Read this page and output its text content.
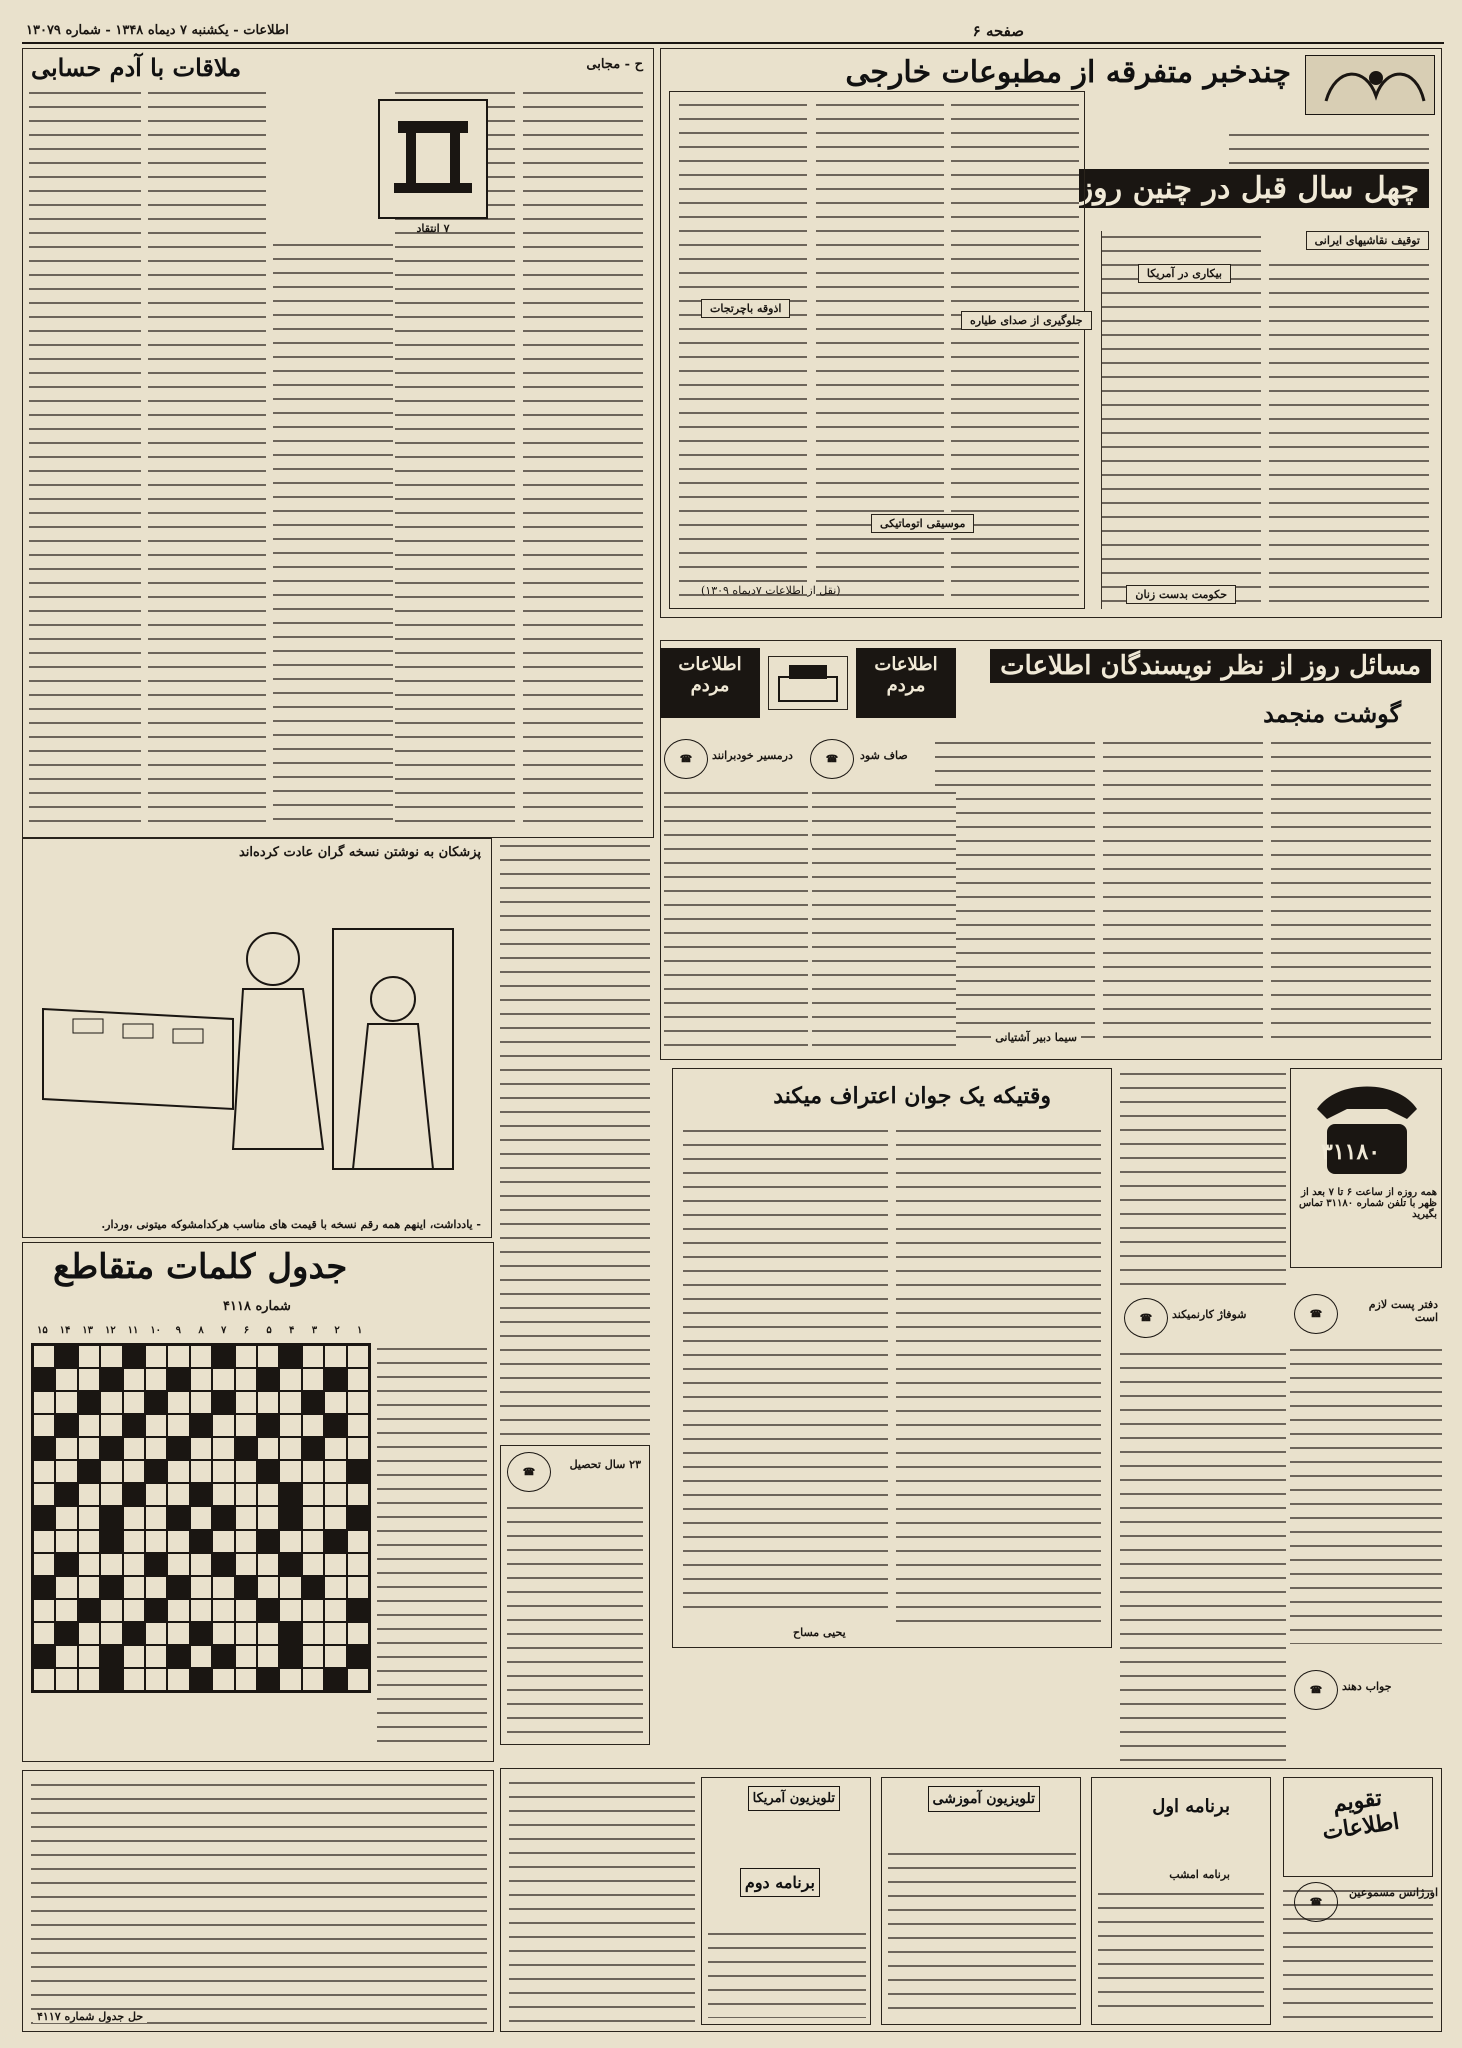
صفحه ۶
اطلاعات - یکشنبه ۷ دیماه ۱۳۴۸ - شماره ۱۳۰۷۹
چندخبر متفرقه از مطبوعات خارجی
چهل سال قبل در چنین روز
توقیف نقاشیهای ایرانی
بیکاری در آمریکا
حکومت بدست زنان
جلوگیری از صدای طیاره
اذوقه باچرتجات
موسیقی اتوماتیکی
(نقل از اطلاعات ۷دیماه ۱۳۰۹)
ملاقات با آدم حسابی	ح - مجابی
۷ انتقاد
پزشکان به نوشتن نسخه گران عادت کرده‌اند
- یادداشت، اینهم همه رقم نسخه با قیمت های مناسب هرکدامشوکه میتونی ،وردار.
جدول کلمات متقاطع
شماره ۴۱۱۸
۱۵	۱۴	۱۳	۱۲	۱۱	۱۰	۹	۸	۷	۶	۵	۴	۳	۲	۱
حل جدول شماره ۴۱۱۷
☎
۲۳ سال تحصیل
مسائل روز از نظر نویسندگان اطلاعات
گوشت منجمد
سیما دبیر آشتیانی
اطلاعات
مردم
اطلاعات
مردم
☎	درمسیر خودبرانند	☎	صاف شود
۳۱۱۸۰
همه روزه از ساعت ۶ تا ۷ بعد از ظهر با تلفن شماره ۳۱۱۸۰ تماس بگیرید
☎	شوفاژ کارنمیکند	☎
دفتر پست لازم است
☎	جواب دهند
وقتیکه یک جوان اعتراف میکند
یحیی مساح
تقویم اطلاعات
برنامه اول
برنامه امشب
تلویزیون آموزشی
تلویزیون آمریکا
برنامه دوم
☎
اورژانس مسموعین
